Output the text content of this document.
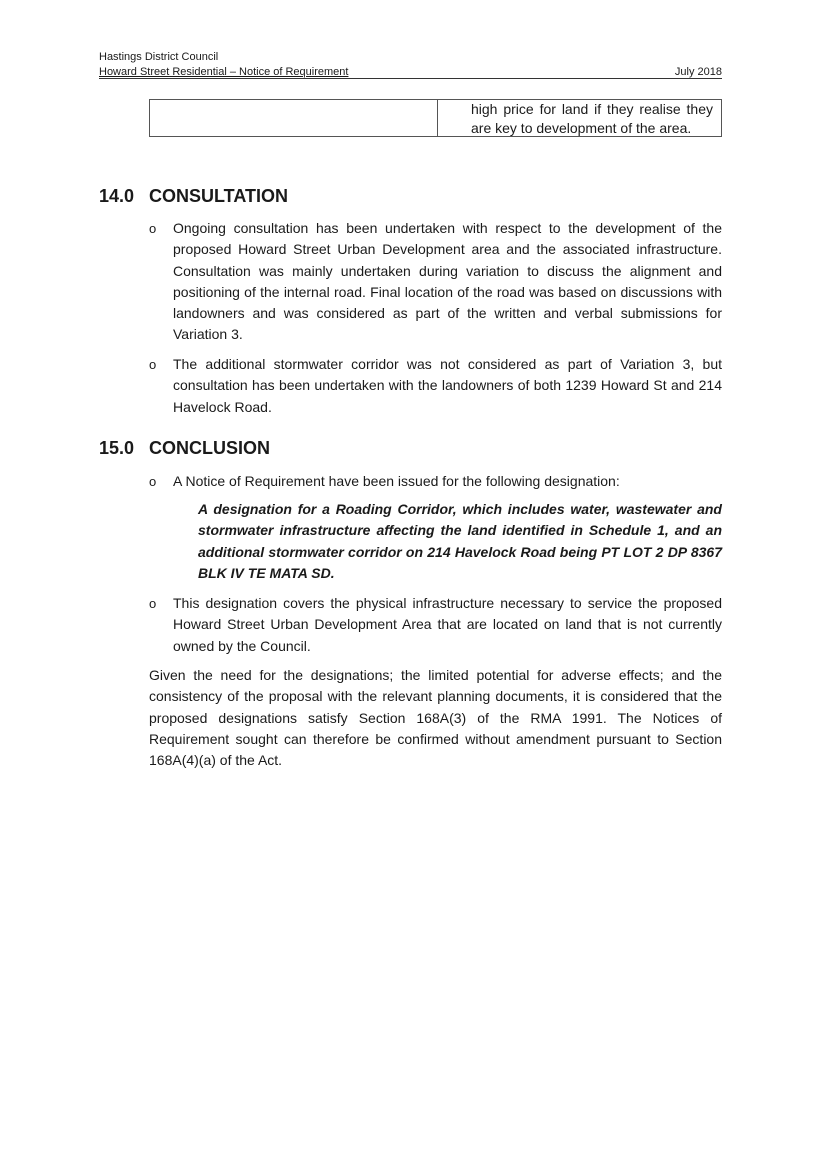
Hastings District Council
Howard Street Residential – Notice of Requirement	July 2018
high price for land if they realise they are key to development of the area.
14.0 CONSULTATION
o Ongoing consultation has been undertaken with respect to the development of the proposed Howard Street Urban Development area and the associated infrastructure. Consultation was mainly undertaken during variation to discuss the alignment and positioning of the internal road. Final location of the road was based on discussions with landowners and was considered as part of the written and verbal submissions for Variation 3.
o The additional stormwater corridor was not considered as part of Variation 3, but consultation has been undertaken with the landowners of both 1239 Howard St and 214 Havelock Road.
15.0 CONCLUSION
o A Notice of Requirement have been issued for the following designation:
A designation for a Roading Corridor, which includes water, wastewater and stormwater infrastructure affecting the land identified in Schedule 1, and an additional stormwater corridor on 214 Havelock Road being PT LOT 2 DP 8367 BLK IV TE MATA SD.
o This designation covers the physical infrastructure necessary to service the proposed Howard Street Urban Development Area that are located on land that is not currently owned by the Council.
Given the need for the designations; the limited potential for adverse effects; and the consistency of the proposal with the relevant planning documents, it is considered that the proposed designations satisfy Section 168A(3) of the RMA 1991. The Notices of Requirement sought can therefore be confirmed without amendment pursuant to Section 168A(4)(a) of the Act.
